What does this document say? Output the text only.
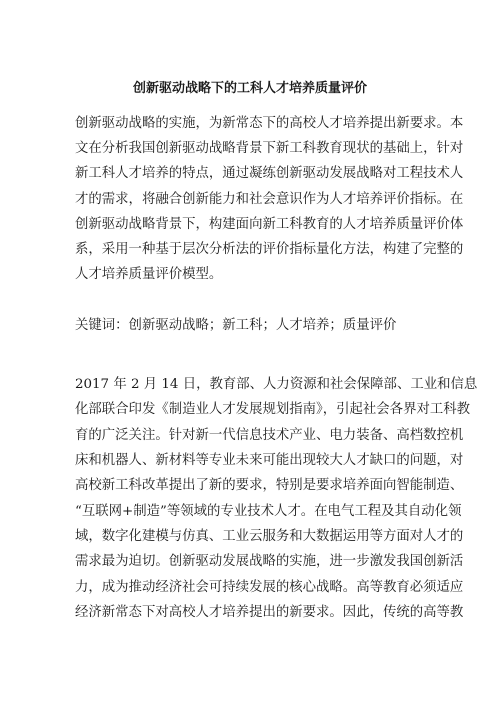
创新驱动战略下的工科人才培养质量评价
创新驱动战略的实施，为新常态下的高校人才培养提出新要求。本
文在分析我国创新驱动战略背景下新工科教育现状的基础上，针对
新工科人才培养的特点，通过凝练创新驱动发展战略对工程技术人
才的需求，将融合创新能力和社会意识作为人才培养评价指标。在
创新驱动战略背景下，构建面向新工科教育的人才培养质量评价体
系，采用一种基于层次分析法的评价指标量化方法，构建了完整的
人才培养质量评价模型。
关键词：创新驱动战略；新工科；人才培养；质量评价
2017 年 2 月 14 日，教育部、人力资源和社会保障部、工业和信息
化部联合印发《制造业人才发展规划指南》，引起社会各界对工科教
育的广泛关注。针对新一代信息技术产业、电力装备、高档数控机
床和机器人、新材料等专业未来可能出现较大人才缺口的问题，对
高校新工科改革提出了新的要求，特别是要求培养面向智能制造、
“互联网+制造”等领域的专业技术人才。在电气工程及其自动化领
域，数字化建模与仿真、工业云服务和大数据运用等方面对人才的
需求最为迫切。创新驱动发展战略的实施，进一步激发我国创新活
力，成为推动经济社会可持续发展的核心战略。高等教育必须适应
经济新常态下对高校人才培养提出的新要求。因此，传统的高等教
